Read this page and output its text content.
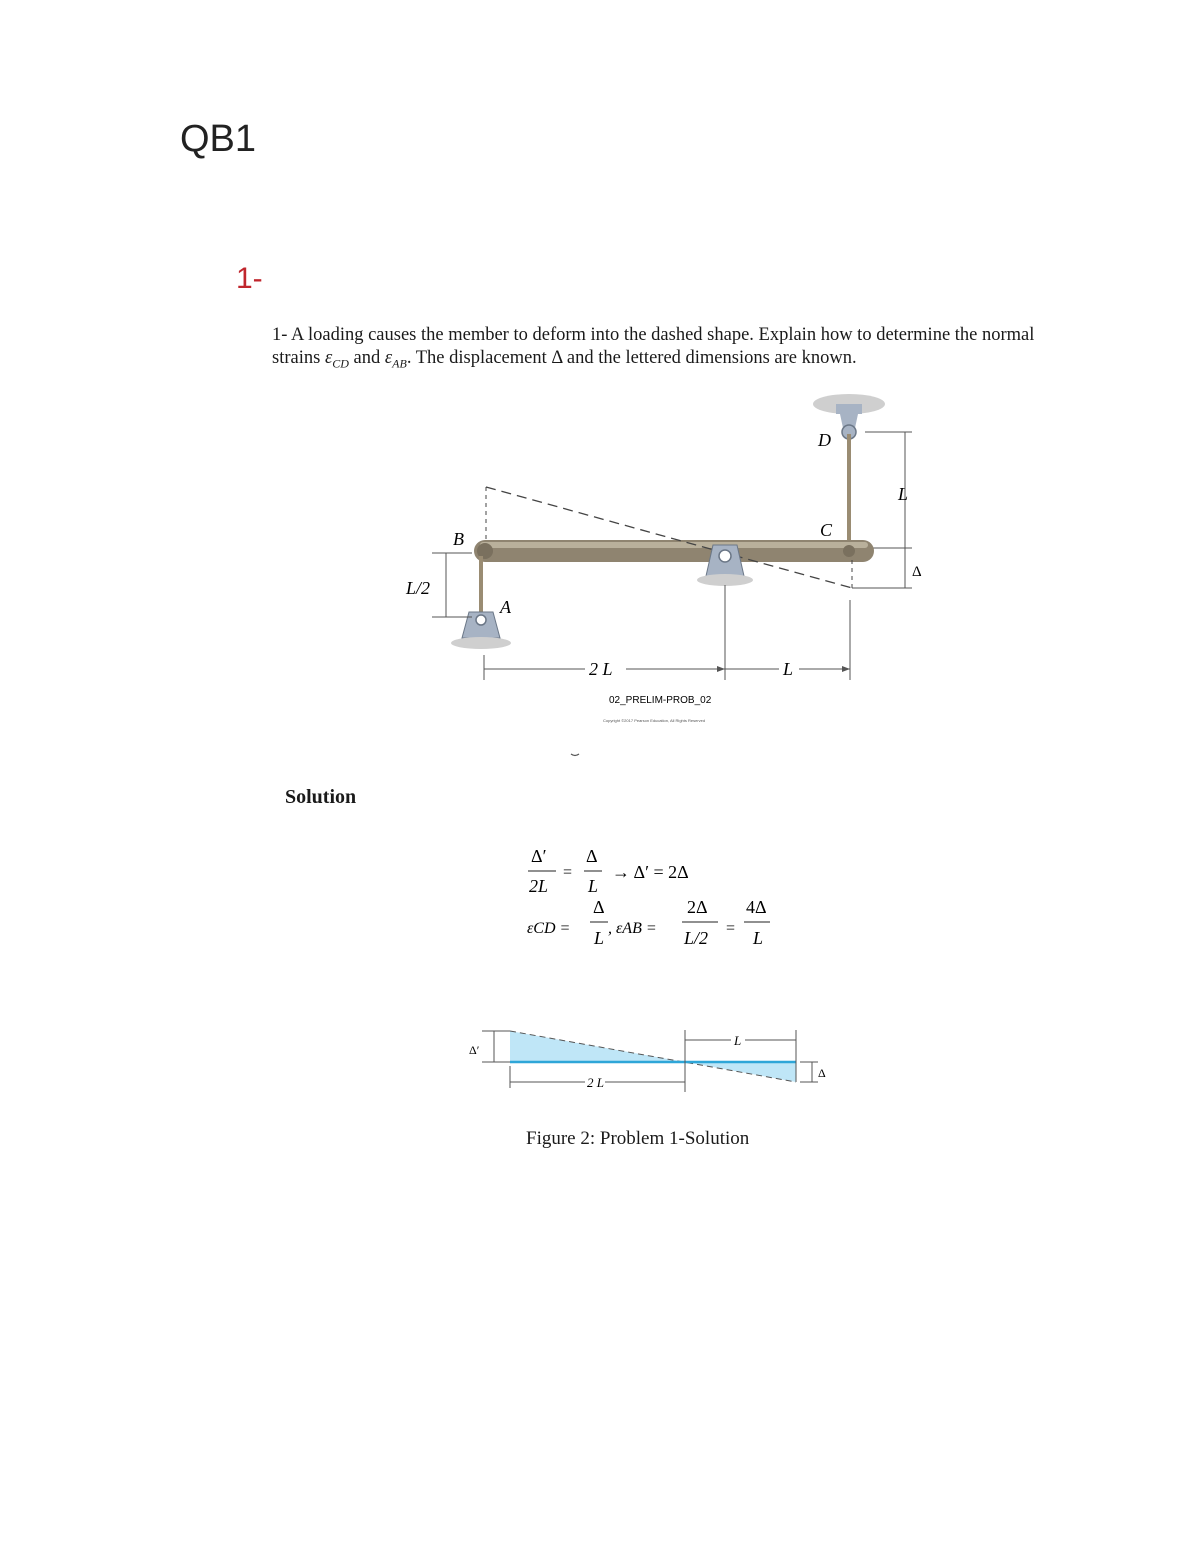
QB1
1-
1- A loading causes the member to deform into the dashed shape. Explain how to determine the normal strains $\varepsilon_{CD}$ and $\varepsilon_{AB}$. The displacement Δ and the lettered dimensions are known.
D
C
B
A
L
Δ
L/2
2 L	L
02_PRELIM-PROB_02
Copyright ©2017 Pearson Education, All Rights Reserved
Solution
Δ′
2L
=
Δ
L
→ Δ′ = 2Δ
εCD =
Δ
L , εAB =
2Δ
L/2 =
4Δ
L
Δ′
2 L
L
Δ
Figure 2: Problem 1-Solution
